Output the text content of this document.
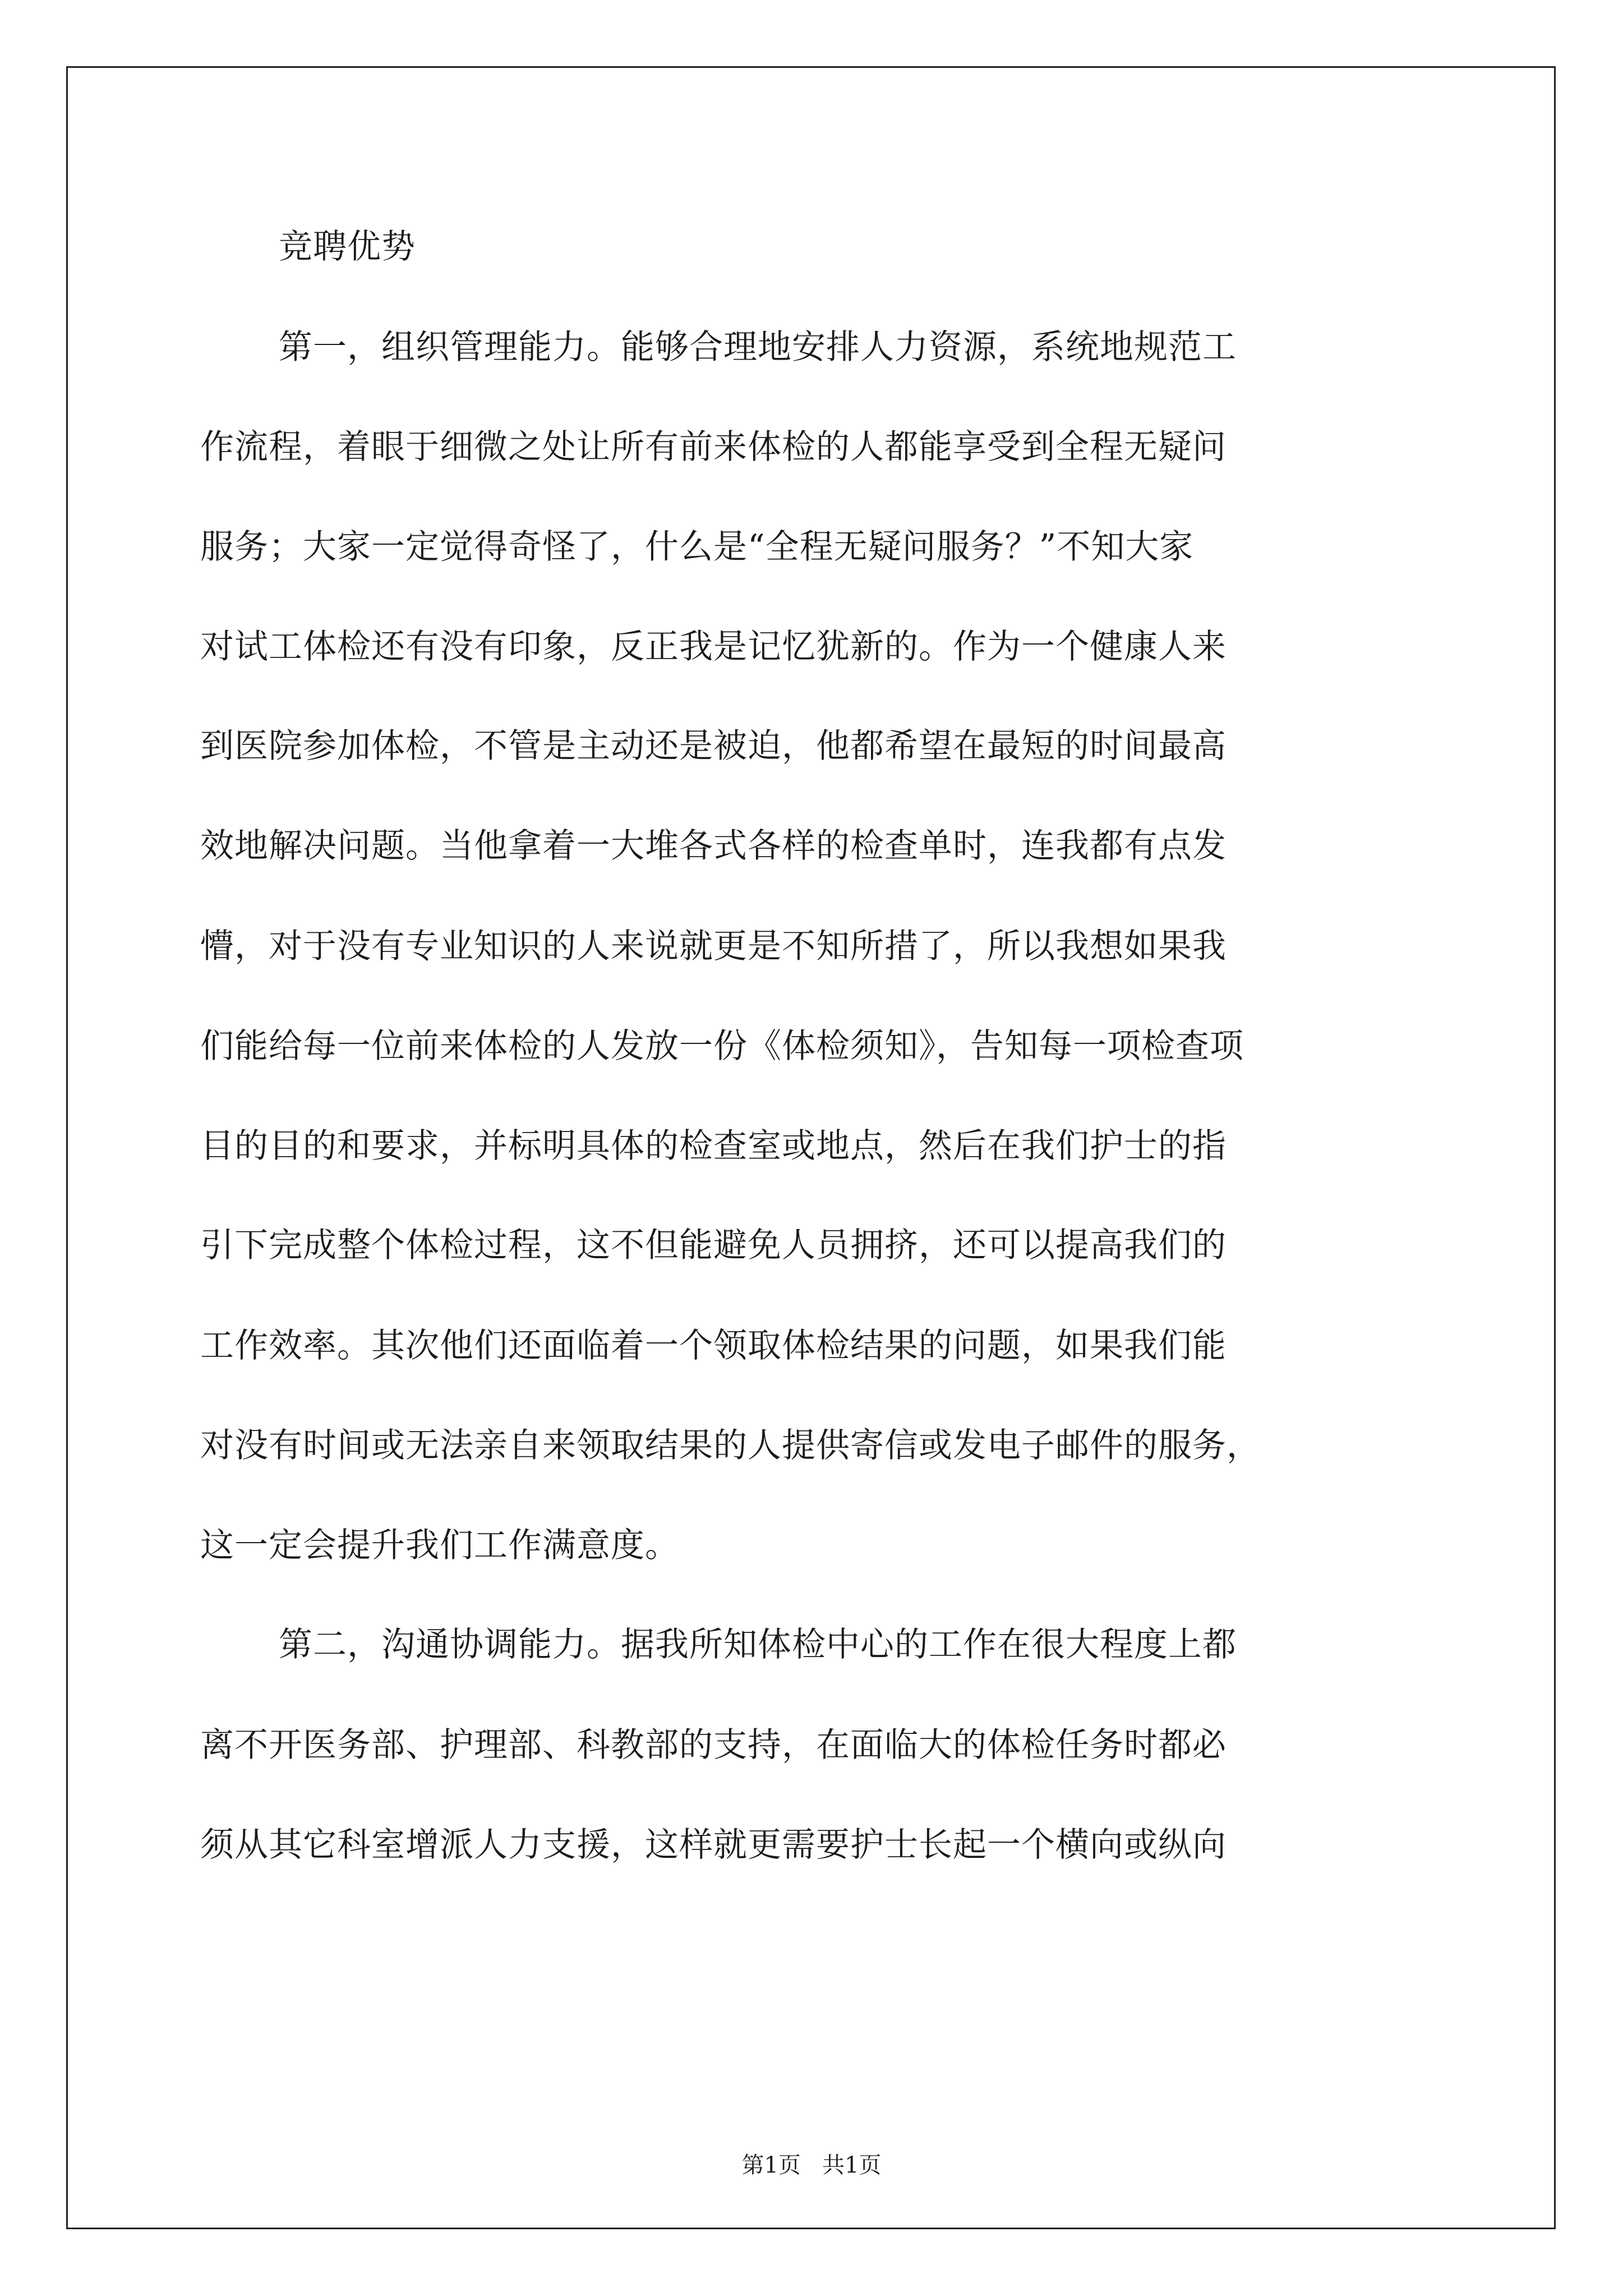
竞聘优势
第一，组织管理能力。能够合理地安排人力资源，系统地规范工
作流程，着眼于细微之处让所有前来体检的人都能享受到全程无疑问
服务；大家一定觉得奇怪了，什么是“全程无疑问服务？”不知大家
对试工体检还有没有印象，反正我是记忆犹新的。作为一个健康人来
到医院参加体检，不管是主动还是被迫，他都希望在最短的时间最高
效地解决问题。当他拿着一大堆各式各样的检查单时，连我都有点发
懵，对于没有专业知识的人来说就更是不知所措了，所以我想如果我
们能给每一位前来体检的人发放一份《体检须知》，告知每一项检查项
目的目的和要求，并标明具体的检查室或地点，然后在我们护士的指
引下完成整个体检过程，这不但能避免人员拥挤，还可以提高我们的
工作效率。其次他们还面临着一个领取体检结果的问题，如果我们能
对没有时间或无法亲自来领取结果的人提供寄信或发电子邮件的服务，
这一定会提升我们工作满意度。
第二，沟通协调能力。据我所知体检中心的工作在很大程度上都
离不开医务部、护理部、科教部的支持，在面临大的体检任务时都必
须从其它科室增派人力支援，这样就更需要护士长起一个横向或纵向
第1页   共1页
